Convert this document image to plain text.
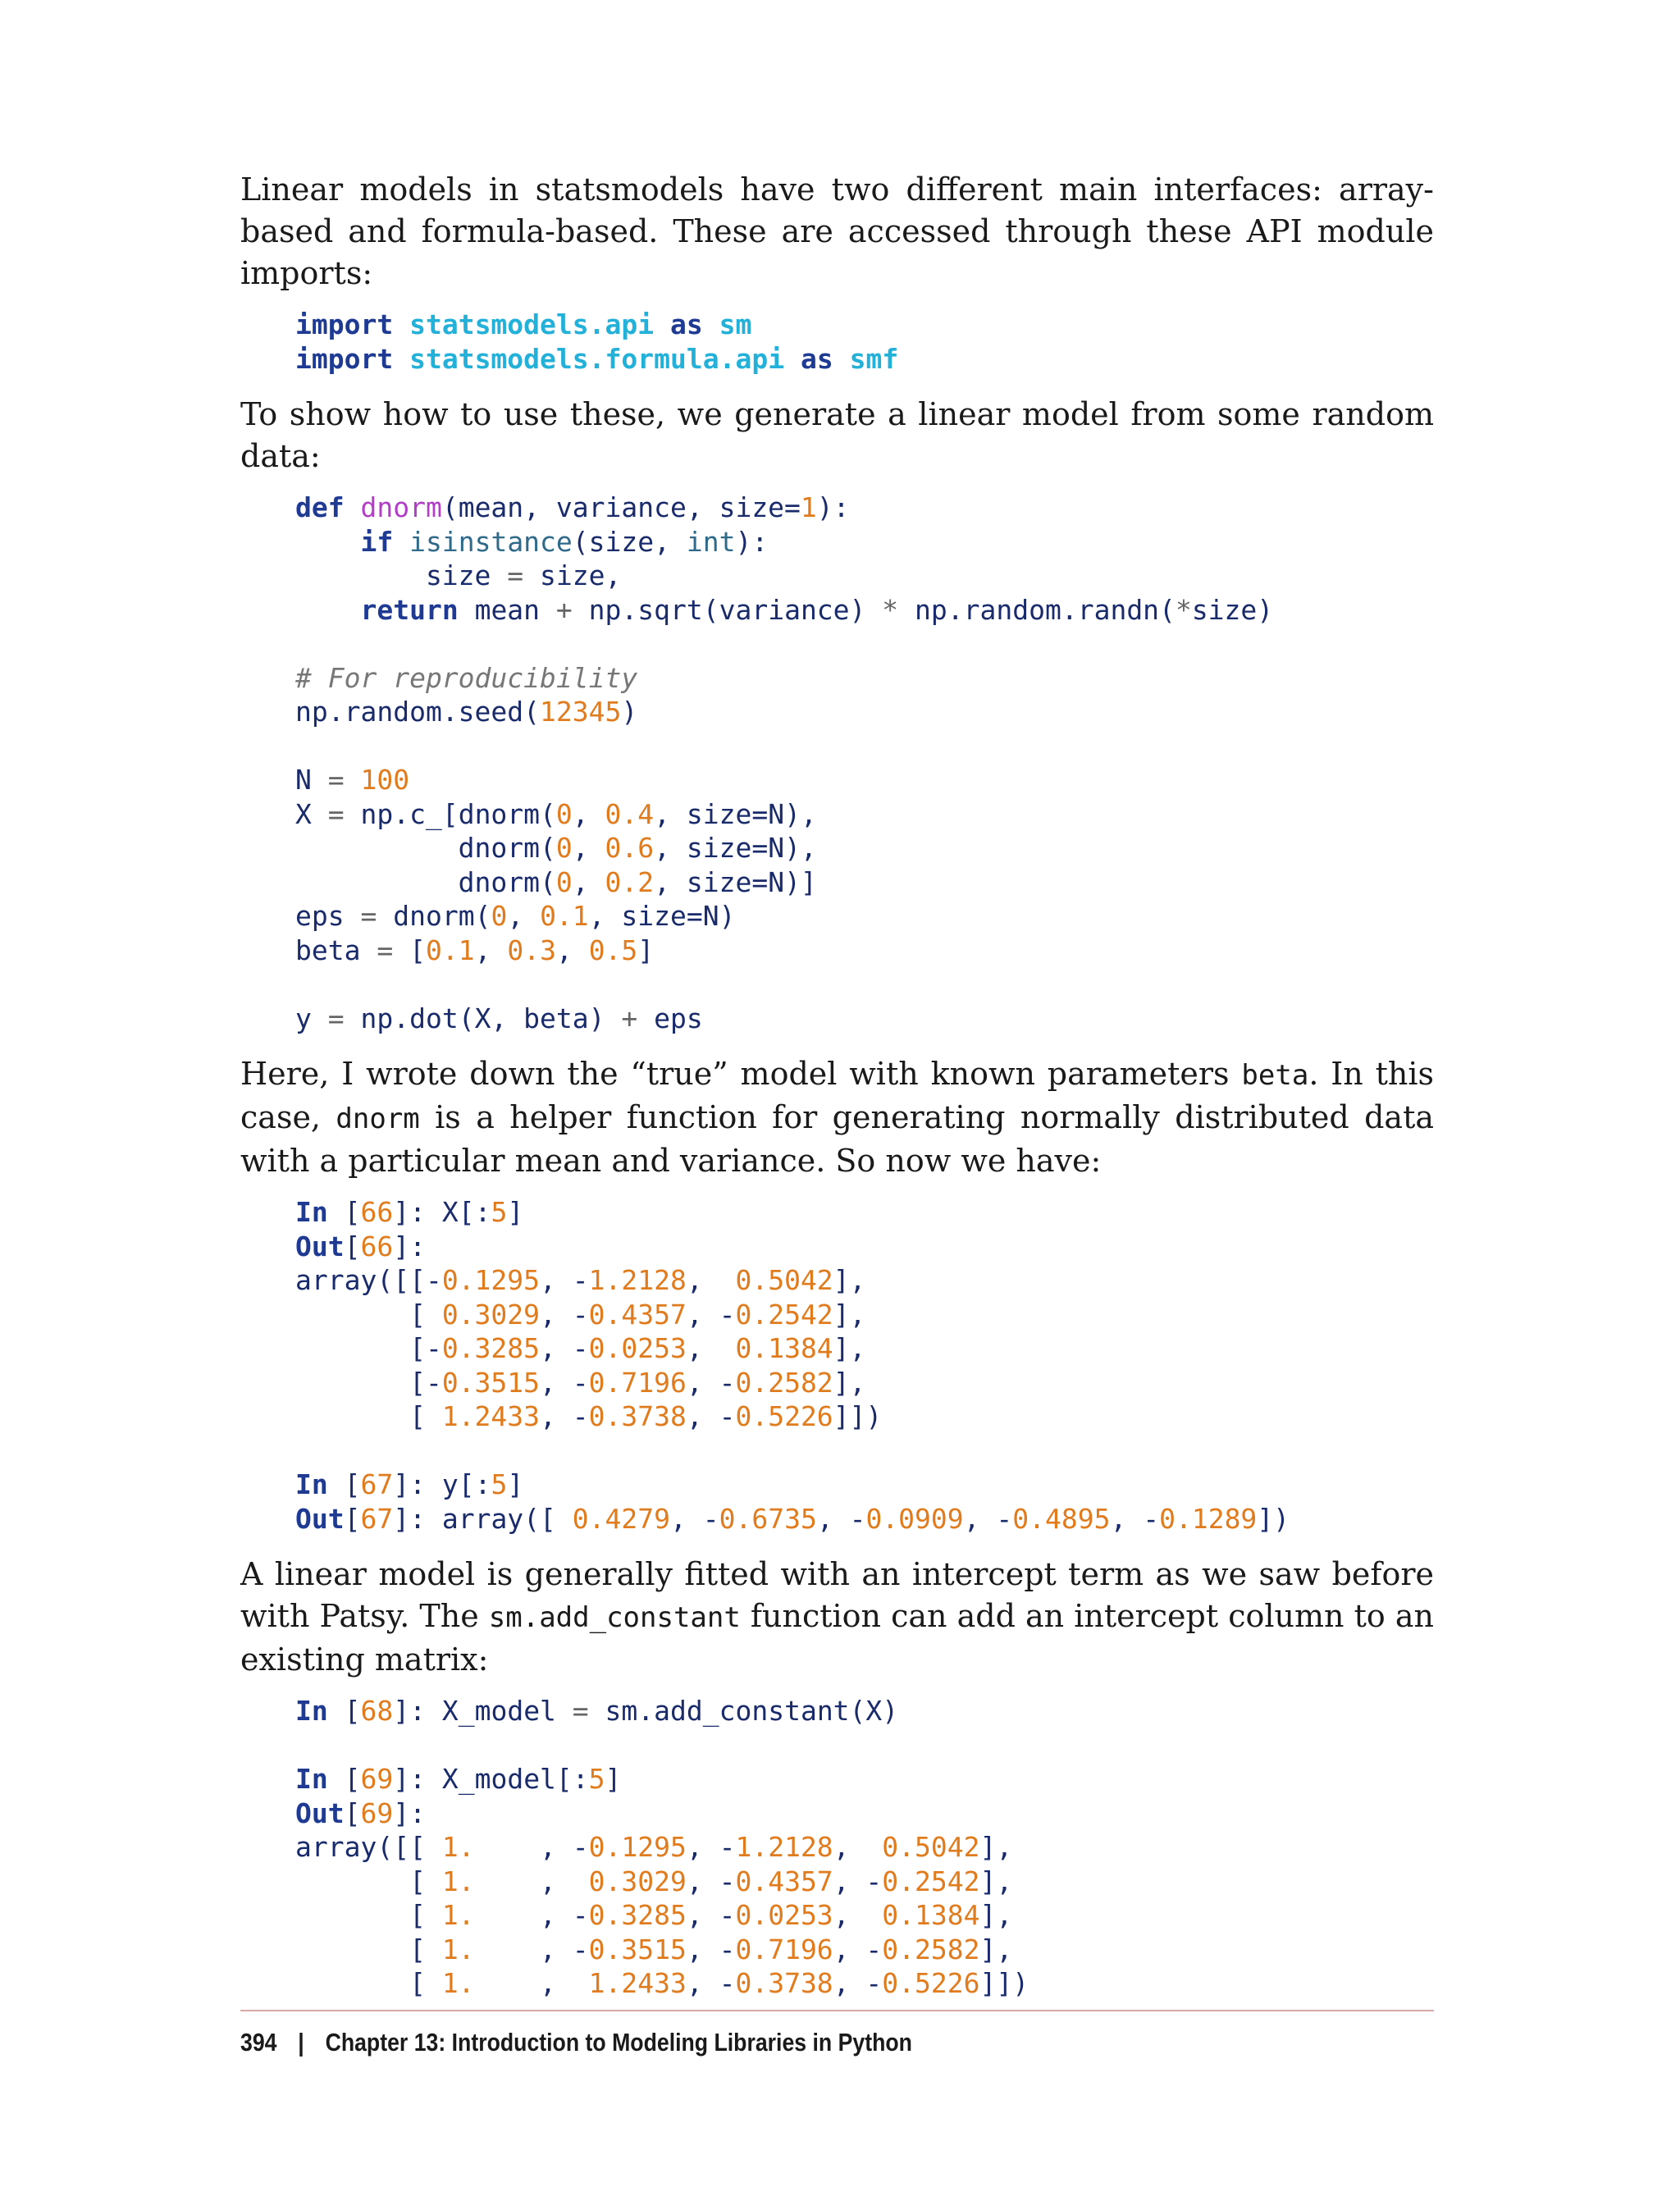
Linear models in statsmodels have two different main interfaces: array-based and formula-based. These are accessed through these API module imports:

import statsmodels.api as sm
import statsmodels.formula.api as smf

To show how to use these, we generate a linear model from some random data:

def dnorm(mean, variance, size=1):
if isinstance(size, int):
size = size,
return mean + np.sqrt(variance) * np.random.randn(*size)

# For reproducibility
np.random.seed(12345)

N = 100
X = np.c_[dnorm(0, 0.4, size=N),
dnorm(0, 0.6, size=N),
dnorm(0, 0.2, size=N)]
eps = dnorm(0, 0.1, size=N)
beta = [0.1, 0.3, 0.5]

y = np.dot(X, beta) + eps

Here, I wrote down the “true” model with known parameters beta. In this case, dnorm is a helper function for generating normally distributed data with a particular mean and variance. So now we have:

In [66]: X[:5]
Out[66]:
array([[-0.1295, -1.2128,  0.5042],
[ 0.3029, -0.4357, -0.2542],
[-0.3285, -0.0253,  0.1384],
[-0.3515, -0.7196, -0.2582],
[ 1.2433, -0.3738, -0.5226]])

In [67]: y[:5]
Out[67]: array([ 0.4279, -0.6735, -0.0909, -0.4895, -0.1289])

A linear model is generally fitted with an intercept term as we saw before with Patsy. The sm.add_constant function can add an intercept column to an existing matrix:

In [68]: X_model = sm.add_constant(X)

In [69]: X_model[:5]
Out[69]:
array([[ 1.    , -0.1295, -1.2128,  0.5042],
[ 1.    ,  0.3029, -0.4357, -0.2542],
[ 1.    , -0.3285, -0.0253,  0.1384],
[ 1.    , -0.3515, -0.7196, -0.2582],
[ 1.    ,  1.2433, -0.3738, -0.5226]])
394 | Chapter 13: Introduction to Modeling Libraries in Python
